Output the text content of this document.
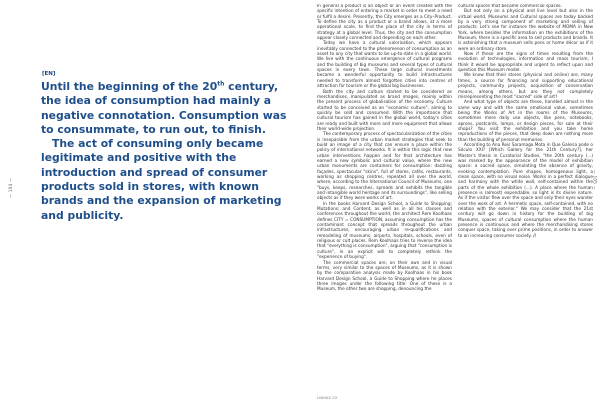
— 104 —	— 105 —
[EN]

Until the beginning of the 20th century, the idea of consumption had mainly a negative connotation. Consumption was to consummate, to run out, to finish.

The act of consuming only became legitimate and positive with the introduction and spread of consumer products sold in stores, with known brands and the expansion of marketing and publicity.

In general a product is an object or an event created with the specific intention of entering a market in order to meet a need or fulfil a desire. Presently, the City emerges as a City–Product. To define the city as a product or a brand allows, at a more operational scale, to find the place of the city in terms of strategy at a global level. Thus, the city and the consumption appear closely connected and depending on each other.

Today we have a cultural valorisation, which appears inevitably connected to the phenomenon of consumption as an asset to any city that wants to be up-to-date in a global world. We live with the continuous emergence of cultural programs and the building of big museums and several types of cultural spaces in every town. These large cultural investments became a wonderful opportunity to build infrastructures needed to transform almost forgotten cities into centres of attraction for tourism or the global big businesses.

Both the city and culture started to be considered as merchandises, manipulated as brand images, mainly within the present process of globalisation of the economy. Culture started to be conceived as an "economic culture", aiming to quickly be sold and consumed. With the importance that cultural tourism has gained in the global world, today's cities are ready and built with more and more equipment that allows their world-wide projection.

The contemporary process of spectacularization of the cities is inseparable from the urban market strategies that seek to build an image of a city that can ensure a place within the policy of international networks. It is within this logic that new urban interventions happen and for that architecture has earned a new symbolic and cultural value, where the new urban monuments are containers for consumption: dazzling façades, spectacular "skins", full of stores, cafés, restaurants, working as shopping centres, repeated all over the world, where, according to the International Council of Museums, one "buys, keeps, researches, spreads and exhibits the tangible and intangible world heritage and its surroundings", like selling objects as if they were works of art.

In the books Harvard Design School, a Guide to Shopping; Mutations; and Content, as well as in all his classes and conferences throughout the world, the architect Rem Koolhaas defines CITY = CONSUMPTION, assuming consumption has the contaminant concept that spreads throughout the urban infrastructures, encouraging urban re-qualifications and remodeling of museums, airports, hospitals, schools, even of religious or cult places. Rem Koolhaas tries to reverse the idea that "everything is consumption", arguing that "consumption is culture", in an explicit will to completely rethink the "experience of buying".

The commercial spaces are, on their own and in visual terms, very similar to the spaces of Museums, as it is shown by the comparative analysis made by Koolhaas in his book Harvard Design School, a Guide to Shopping where he places three images under the following title: One of these is a Museum, the other two are shopping, denouncing the

cultural spaces that became commercial spaces.

But not only on a physical and live level but also in the virtual world, Museums and Cultural spaces are today backed by a very strong component of marketing and selling of products. Let's see for instance the website of MOMA in New York, where besides the information on the exhibitions of the Museum, there is a specific area to sell products and brands. It is astonishing that a museum sells pens or home décor as if it were an ordinary store.

Now if these are the signs of times resulting from the evolution of technologies, information and mass tourism, I think it would be appropriate and urgent to reflect upon and question this Museum model.

We know that their stores (physical and online) are, many times, a source for financing and supporting educational projects, community projects, acquisition of conservation means, among others, but are they not completely misrepresenting the most "sacred" side of art?

And what type of objects are these, handled almost in the same way and with the same emotional value, sometimes being the Works of Art in the rooms of the Museums, sometimes mere daily use objects, like pens, notebooks, aprons, postcards, lamps, or design pieces, for sale at their shops? You visit the exhibition and you take home reproductions of the pieces, that deep down are nothing more than the building of personal memories.

According to Ana Reis Saramago Mota in Que Galeria pode o Século XXI? [Which Gallery for the 21th Century?], her Master's thesis in Curatorial Studies, "the 20th century (...) was marked by the appearance of the model of exhibition space: a sacred space, simulating the absence of gravity, evoking contemplation. Pure shapes, homogenous light, a clean space, with no visual noise. Works in a perfect dialogue and harmony with the white wall, self-contained within the parts of the whole exhibition (...). A place where the human presence is (almost) expendable, so light is its divine nature. As if the visitor flew over the space and only their eyes wander over the work of art. A hermetic space, self-contained, with no relation with the exterior." We may consider that the 21st century will go down in history for the building of big Museums, spaces of cultural consumption where the human presence is continuous and where the merchandising stores conquer space, taking over prime positions, in order to answer to an increasing consumer society. //

LINHAS 03
